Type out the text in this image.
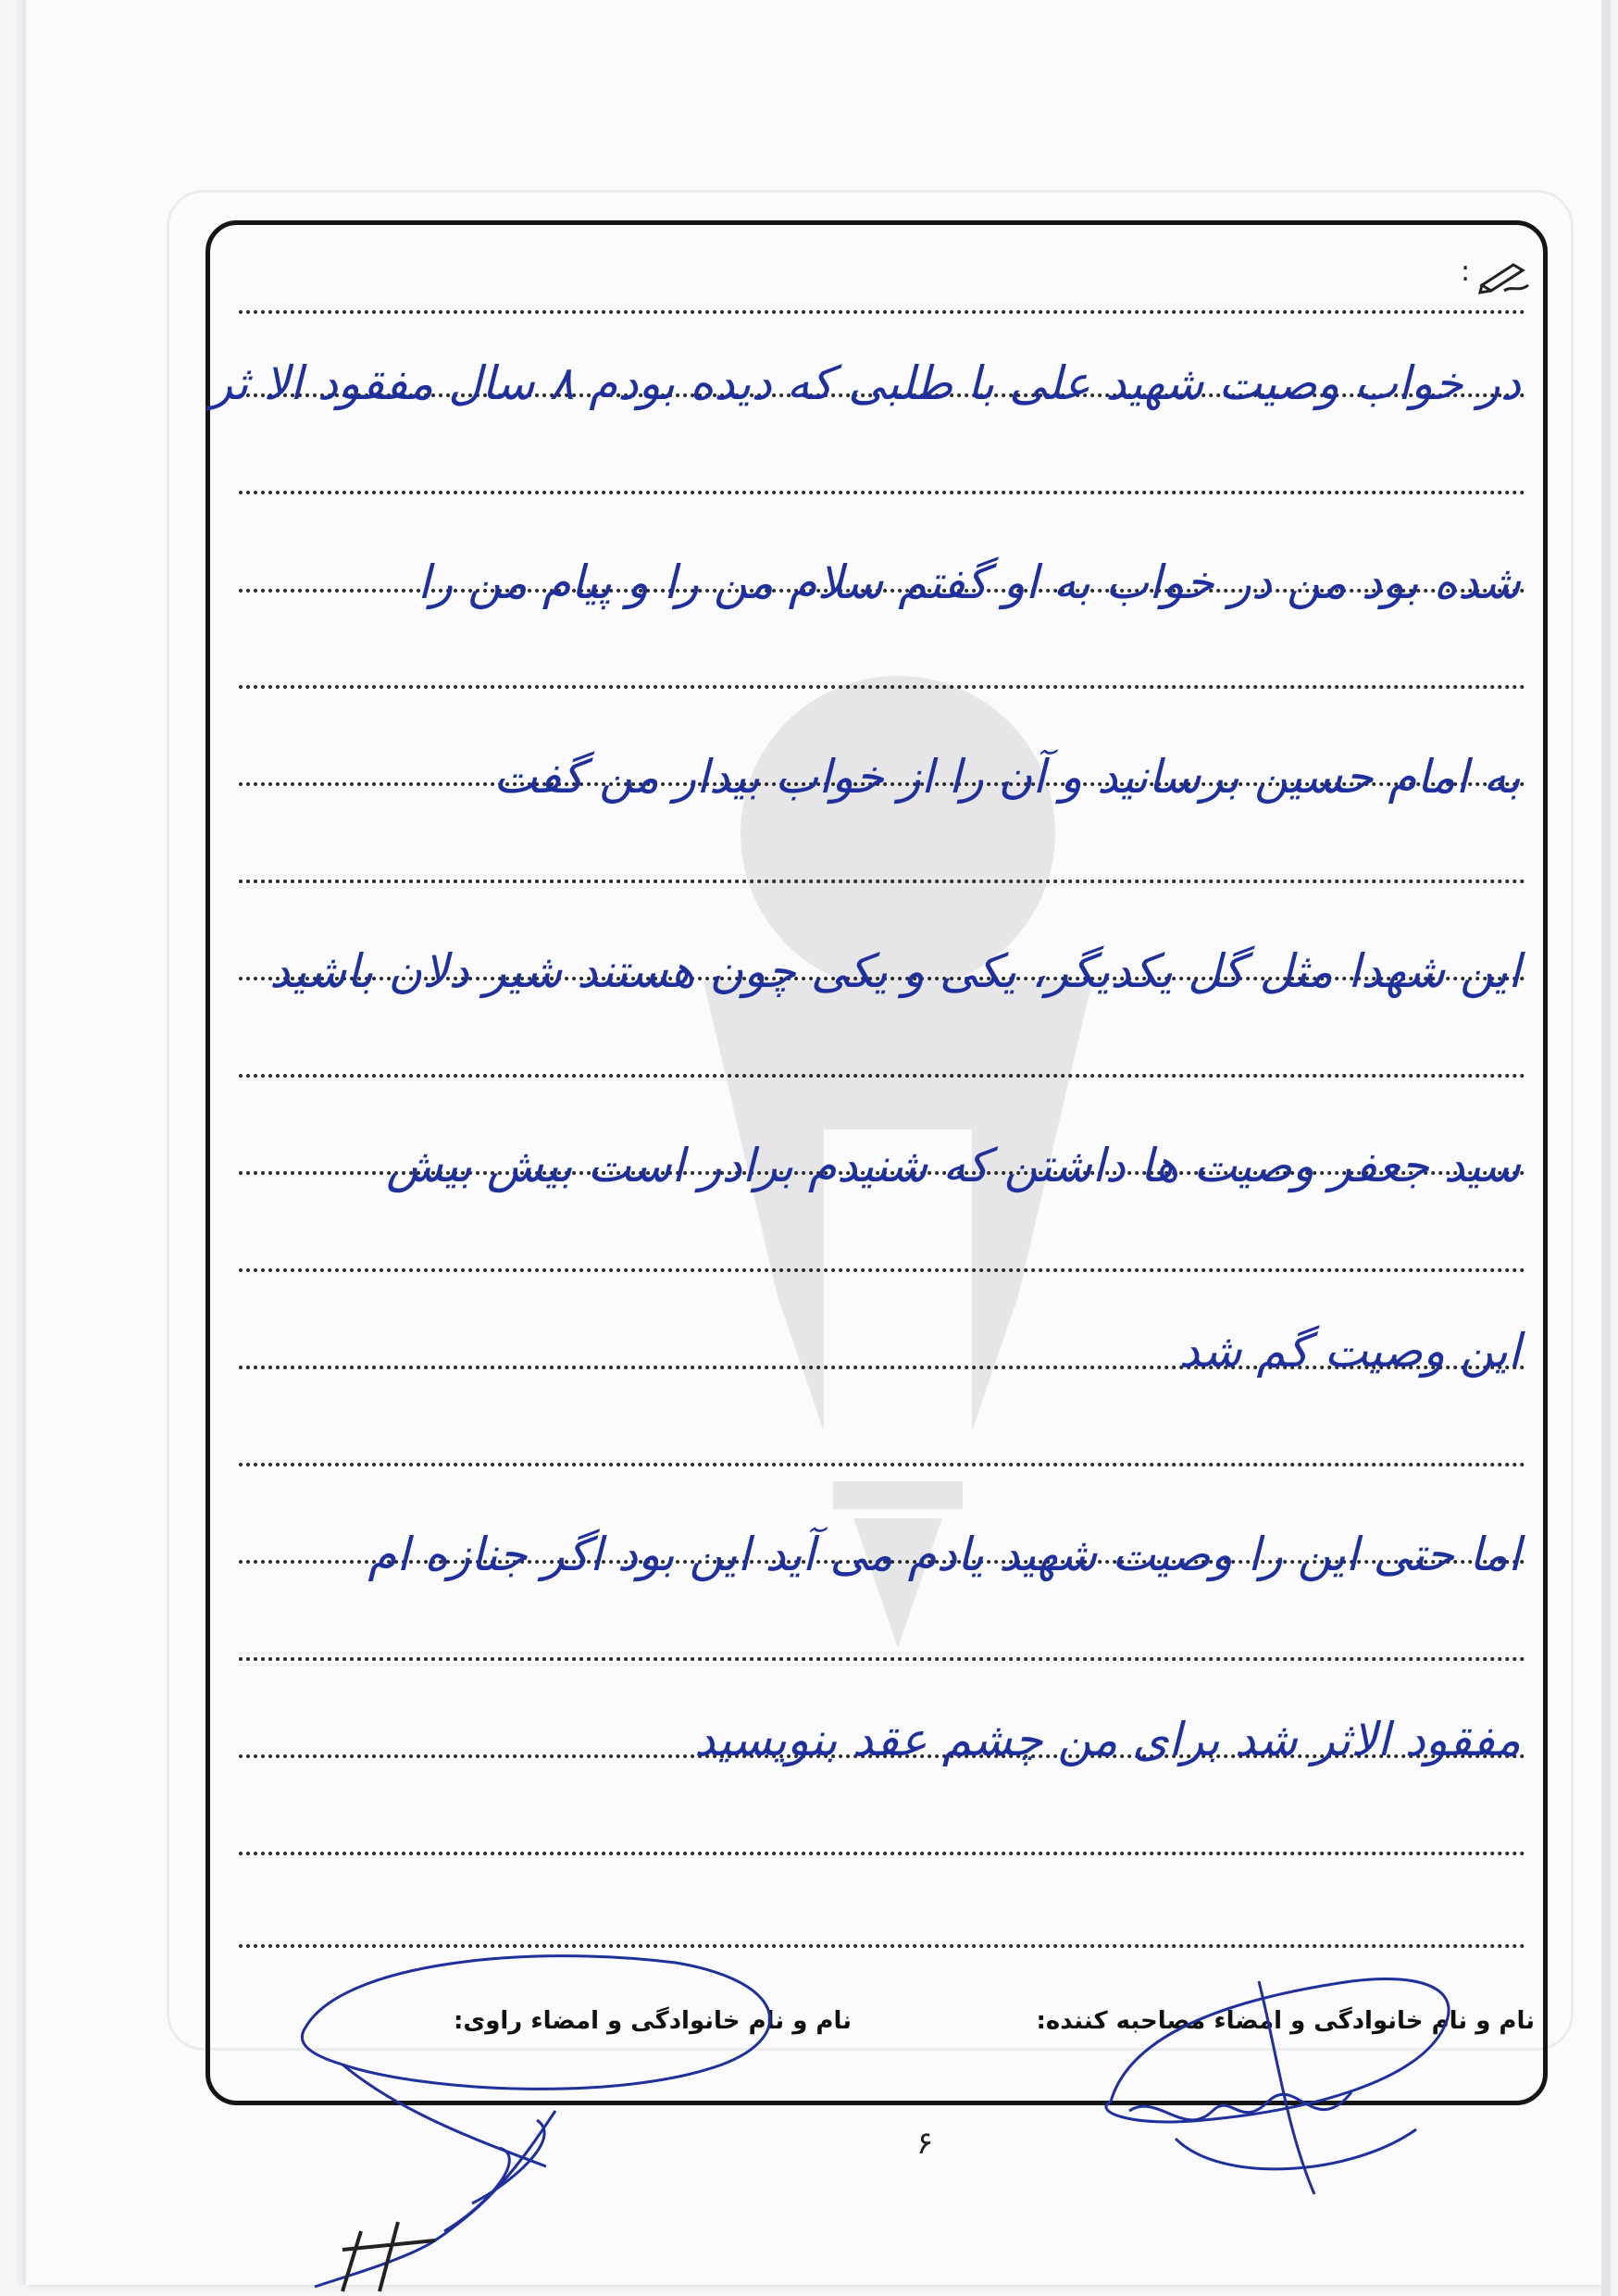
:
در خواب وصیت شهید علی با طلبی که دیده بودم ۸ سال مفقود الا ثر
شده بود من در خواب به او گفتم سلام من را و پیام من را
به امام حسین برسانید و آن را از خواب بیدار من گفت
این شهدا مثل گل یکدیگر، یکی و یکی چون هستند شیر دلان باشید
سید جعفر وصیت ها داشتن که شنیدم برادر است بیش بیش
این وصیت گم شد
اما حتی این را وصیت شهید یادم می آید این بود اگر جنازه ام
مفقود الاثر شد برای من چشم عقد بنویسید
نام و نام خانوادگی و امضاء مصاحبه کننده:
نام و نام خانوادگی و امضاء راوی:
۶
